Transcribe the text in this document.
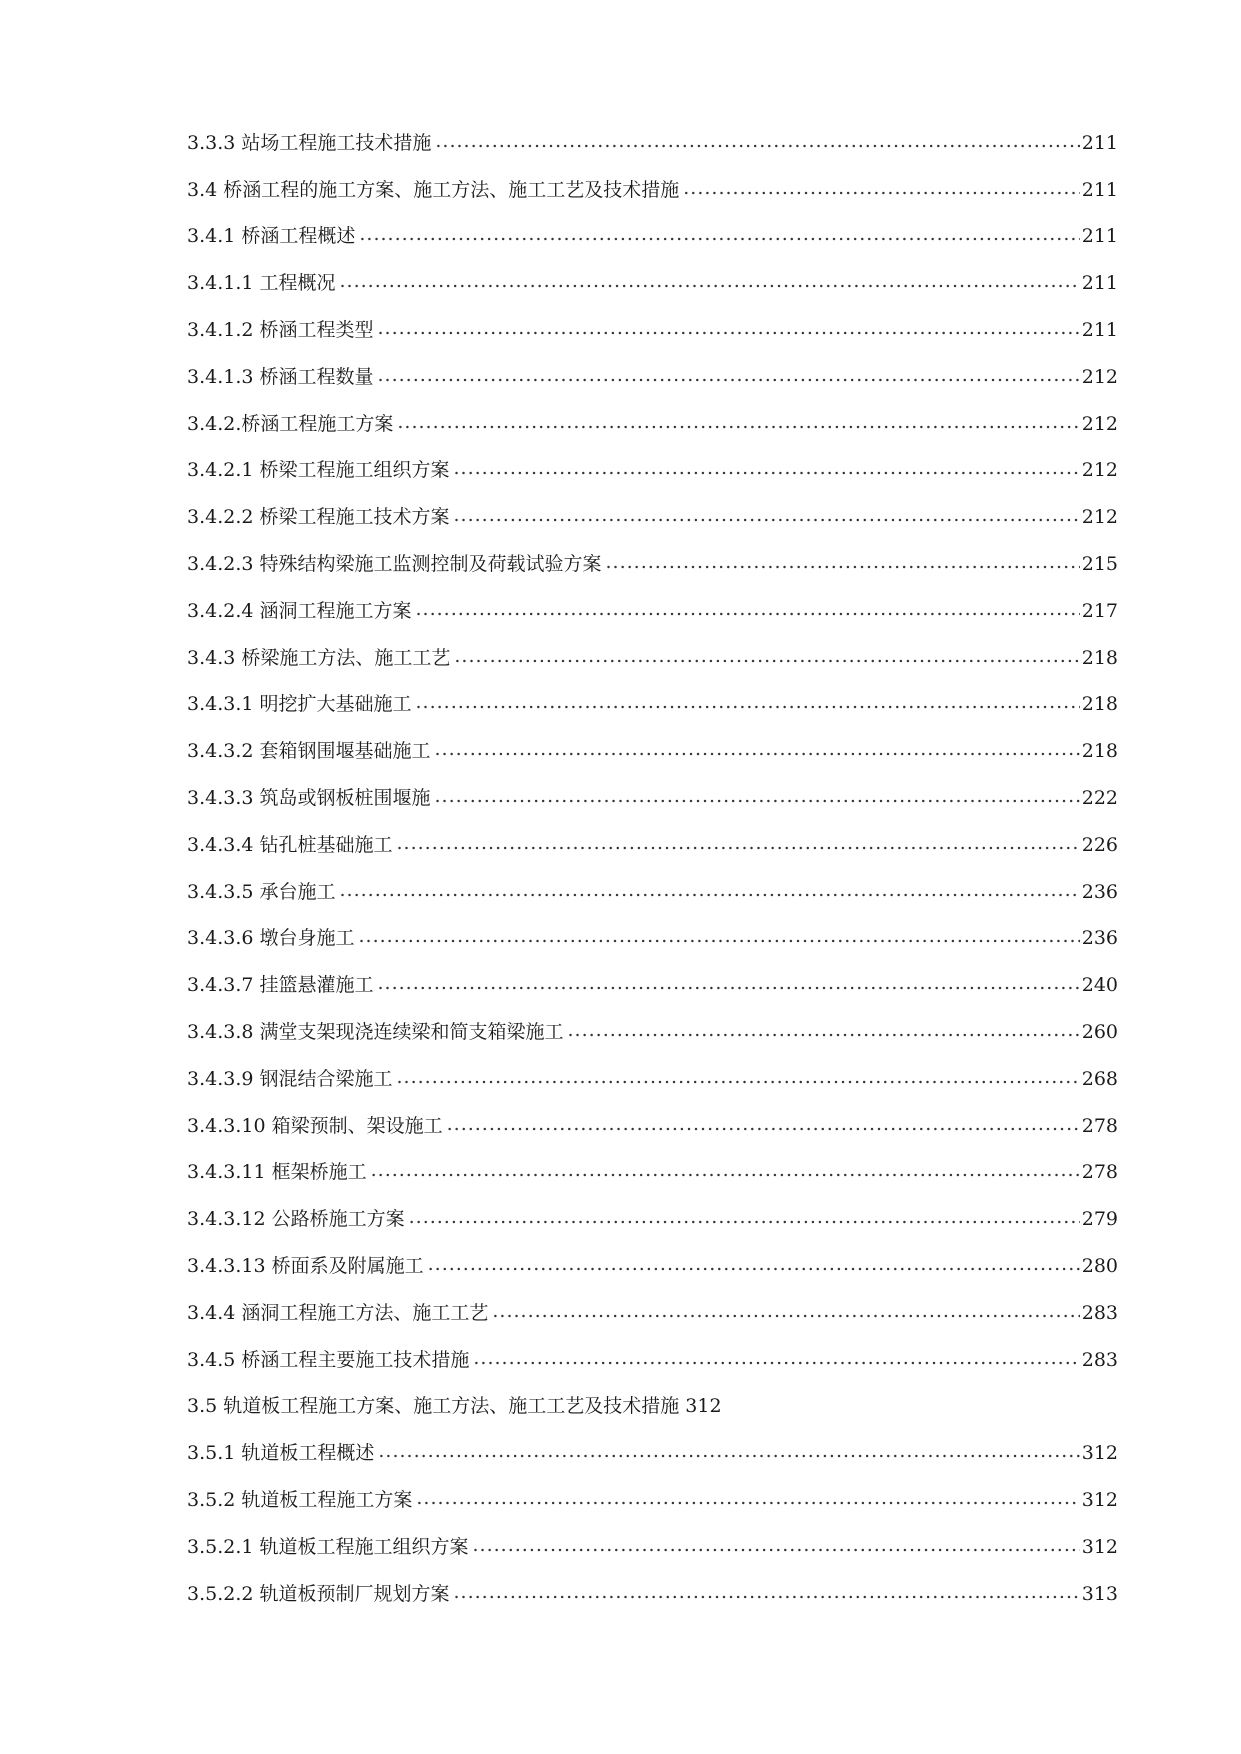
3.3.3 站场工程施工技术措施 .....	211
3.4 桥涵工程的施工方案、施工方法、施工工艺及技术措施 .....	211
3.4.1 桥涵工程概述 .....	211
3.4.1.1 工程概况 .....	211
3.4.1.2 桥涵工程类型 .....	211
3.4.1.3 桥涵工程数量 .....	212
3.4.2.桥涵工程施工方案 .....	212
3.4.2.1 桥梁工程施工组织方案 .....	212
3.4.2.2 桥梁工程施工技术方案 .....	212
3.4.2.3 特殊结构梁施工监测控制及荷载试验方案 .....	215
3.4.2.4 涵洞工程施工方案 .....	217
3.4.3 桥梁施工方法、施工工艺 .....	218
3.4.3.1 明挖扩大基础施工 .....	218
3.4.3.2 套箱钢围堰基础施工 .....	218
3.4.3.3 筑岛或钢板桩围堰施 .....	222
3.4.3.4 钻孔桩基础施工 .....	226
3.4.3.5 承台施工 .....	236
3.4.3.6 墩台身施工 .....	236
3.4.3.7 挂篮悬灌施工 .....	240
3.4.3.8 满堂支架现浇连续梁和简支箱梁施工 .....	260
3.4.3.9 钢混结合梁施工 .....	268
3.4.3.10 箱梁预制、架设施工 .....	278
3.4.3.11 框架桥施工 .....	278
3.4.3.12 公路桥施工方案 .....	279
3.4.3.13 桥面系及附属施工 .....	280
3.4.4 涵洞工程施工方法、施工工艺 .....	283
3.4.5 桥涵工程主要施工技术措施 .....	283
3.5 轨道板工程施工方案、施工方法、施工工艺及技术措施 312
3.5.1 轨道板工程概述 .....	312
3.5.2 轨道板工程施工方案 .....	312
3.5.2.1 轨道板工程施工组织方案 .....	312
3.5.2.2 轨道板预制厂规划方案 .....	313
